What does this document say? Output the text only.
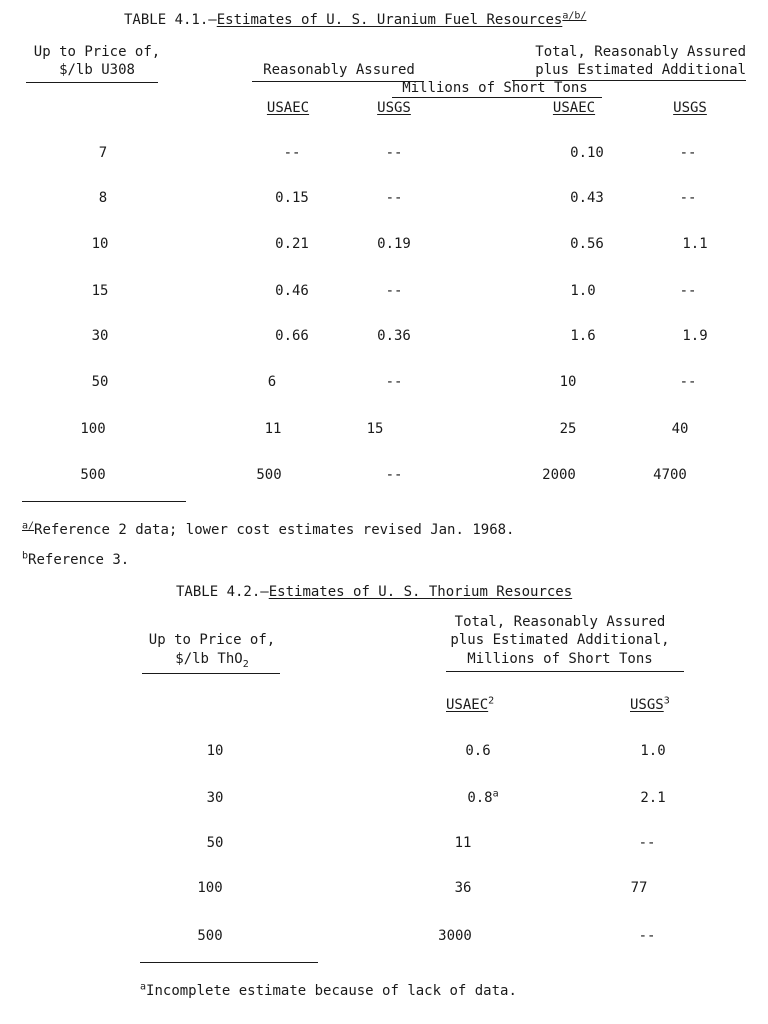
TABLE 4.1.—Estimates of U. S. Uranium Fuel Resources$^{a/b/}$
Up to Price of,
$/lb U308	Reasonably Assured
Total, Reasonably Assured
plus Estimated Additional
Millions of Short Tons
USAEC	USGS	USAEC	USGS
7	--	--	0.10	--
8	0.15	--	0.43	--
10	0.21	0.19	0.56	1.1
15	0.46	--	1.0	--
30	0.66	0.36	1.6	1.9
50	6	--	10	--
100	11	15	25	40
500	500	--	2000	4700
$^{a/}$Reference 2 data; lower cost estimates revised Jan. 1968.
$^b$Reference 3.
TABLE 4.2.—Estimates of U. S. Thorium Resources
Up to Price of,
$/lb ThO$_2$
Total, Reasonably Assured
plus Estimated Additional,
Millions of Short Tons
USAEC$^2$	USGS$^3$
10	0.6	1.0
30	0.8$^a$	2.1
50	11	--
100	36	77
500	3000	--
$^a$Incomplete estimate because of lack of data.
